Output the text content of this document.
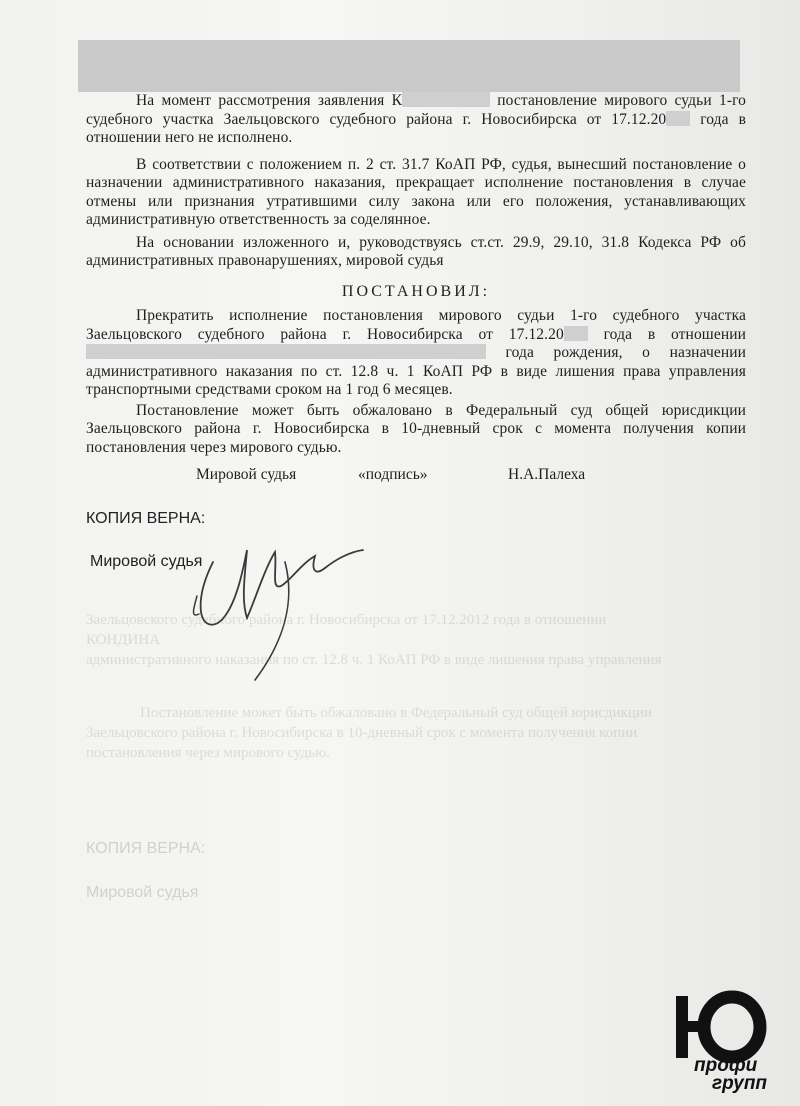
Заельцовского судебного района г. Новосибирска от 17.12.2012 года в отношении
КОНДИНА
административного наказания по ст. 12.8 ч. 1 КоАП РФ в виде лишения права управления
Постановление может быть обжаловано в Федеральный суд общей юрисдикции
Заельцовского района г. Новосибирска в 10-дневный срок с момента получения копии
постановления через мирового судью.
КОПИЯ ВЕРНА:
Мировой судья

На момент рассмотрения заявления К	постановление мирового судьи 1-го судебного участка Заельцовского судебного района г. Новосибирска от 17.12.20 года в отношении него не исполнено.

В соответствии с положением п. 2 ст. 31.7 КоАП РФ, судья, вынесший постановление о назначении административного наказания, прекращает исполнение постановления в случае отмены или признания утратившими силу закона или его положения, устанавливающих административную ответственность за соделянное.

На основании изложенного и, руководствуясь ст.ст. 29.9, 29.10, 31.8 Кодекса РФ об административных правонарушениях, мировой судья

ПОСТАНОВИЛ:

Прекратить исполнение постановления мирового судьи 1-го судебного участка Заельцовского судебного района г. Новосибирска от 17.12.20 года в отношении  года рождения, о назначении административного наказания по ст. 12.8 ч. 1 КоАП РФ в виде лишения права управления транспортными средствами сроком на 1 год 6 месяцев.

Постановление может быть обжаловано в Федеральный суд общей юрисдикции Заельцовского района г. Новосибирска в 10-дневный срок с момента получения копии постановления через мирового судью.

Мировой судья	«подпись»	Н.А.Палеха
КОПИЯ ВЕРНА:
Мировой судья
профи
групп
